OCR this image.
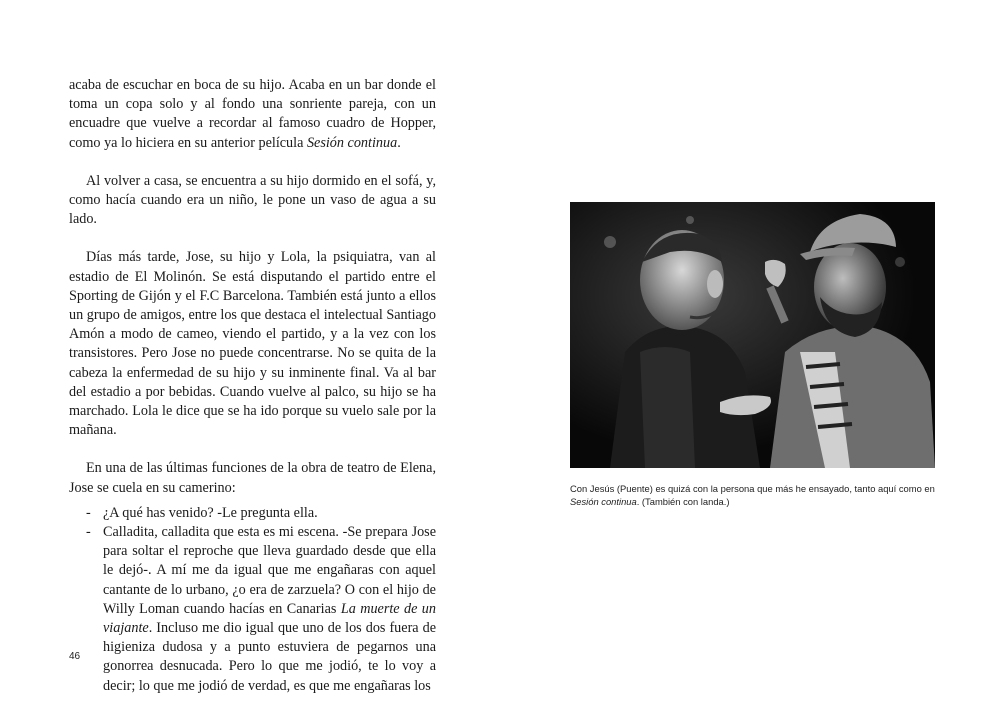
acaba de escuchar en boca de su hijo. Acaba en un bar donde el toma un copa solo y al fondo una sonriente pareja, con un encuadre que vuelve a recordar al famoso cuadro de Hopper, como ya lo hiciera en su anterior película Sesión continua.

Al volver a casa, se encuentra a su hijo dormido en el sofá, y, como hacía cuando era un niño, le pone un vaso de agua a su lado.

Días más tarde, Jose, su hijo y Lola, la psiquiatra, van al estadio de El Molinón. Se está disputando el partido entre el Sporting de Gijón y el F.C Barcelona. También está junto a ellos un grupo de amigos, entre los que destaca el intelectual Santiago Amón a modo de cameo, viendo el partido, y a la vez con los transistores. Pero Jose no puede concentrarse. No se quita de la cabeza la enfermedad de su hijo y su inminente final. Va al bar del estadio a por bebidas. Cuando vuelve al palco, su hijo se ha marchado. Lola le dice que se ha ido porque su vuelo sale por la mañana.

En una de las últimas funciones de la obra de teatro de Elena, Jose se cuela en su camerino:

- ¿A qué has venido? -Le pregunta ella.
- Calladita, calladita que esta es mi escena. -Se prepara Jose para soltar el reproche que lleva guardado desde que ella le dejó-. A mí me da igual que me engañaras con aquel cantante de lo urbano, ¿o era de zarzuela? O con el hijo de Willy Loman cuando hacías en Canarias La muerte de un viajante. Incluso me dio igual que uno de los dos fuera de higieniza dudosa y a punto estuviera de pegarnos una gonorrea desnucada. Pero lo que me jodió, te lo voy a decir; lo que me jodió de verdad, es que me engañaras los
46
Con Jesús (Puente) es quizá con la persona que más he ensayado, tanto aquí como en Sesión continua. (También con landa.)
